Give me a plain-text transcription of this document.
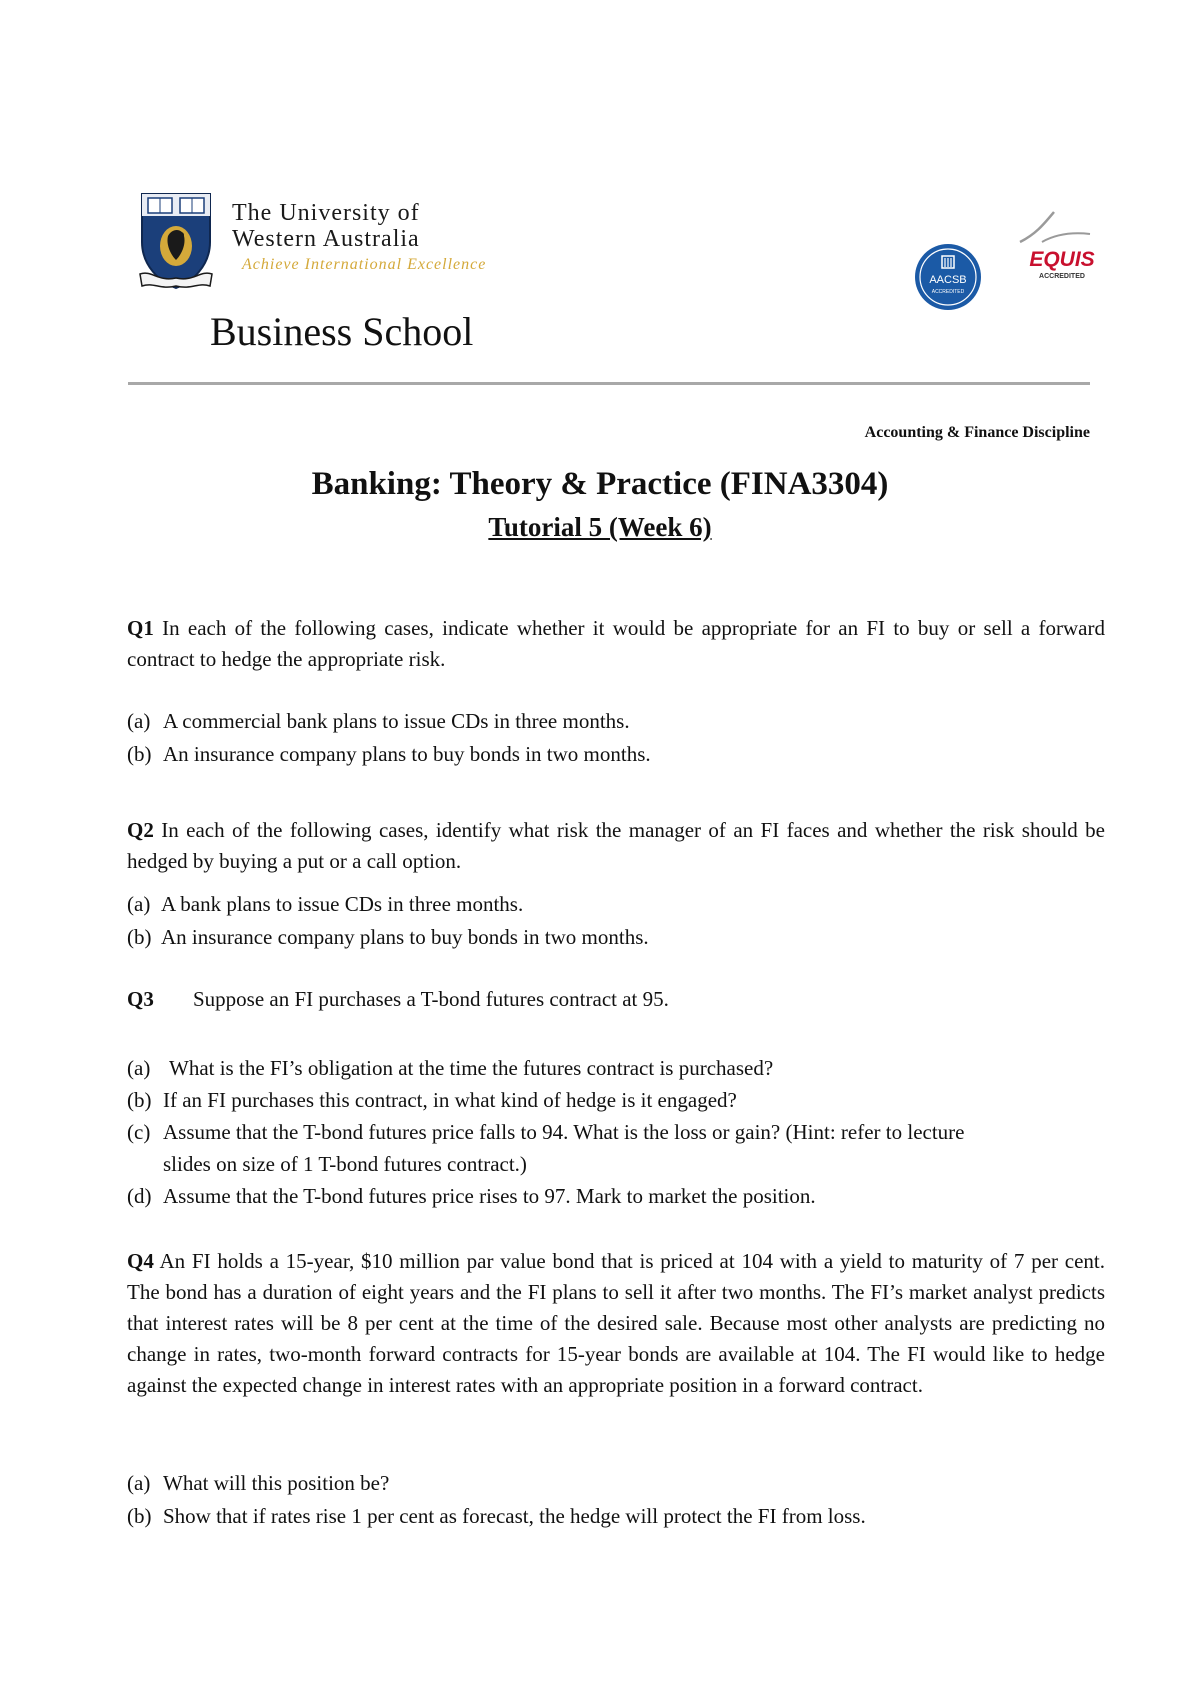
The University of
Western Australia
Achieve International Excellence
AACSB
ACCREDITED
EQUIS
ACCREDITED
Business School
Accounting & Finance Discipline
Banking: Theory & Practice (FINA3304)
Tutorial 5 (Week 6)
Q1 In each of the following cases, indicate whether it would be appropriate for an FI to buy or sell a forward contract to hedge the appropriate risk.
(a) A commercial bank plans to issue CDs in three months.
(b) An insurance company plans to buy bonds in two months.
Q2 In each of the following cases, identify what risk the manager of an FI faces and whether the risk should be hedged by buying a put or a call option.
(a) A bank plans to issue CDs in three months.
(b) An insurance company plans to buy bonds in two months.
Q3 Suppose an FI purchases a T-bond futures contract at 95.
(a) What is the FI’s obligation at the time the futures contract is purchased?
(b) If an FI purchases this contract, in what kind of hedge is it engaged?
(c) Assume that the T-bond futures price falls to 94. What is the loss or gain? (Hint: refer to lecture
slides on size of 1 T-bond futures contract.)
(d) Assume that the T-bond futures price rises to 97. Mark to market the position.
Q4 An FI holds a 15-year, $10 million par value bond that is priced at 104 with a yield to maturity of 7 per cent. The bond has a duration of eight years and the FI plans to sell it after two months. The FI’s market analyst predicts that interest rates will be 8 per cent at the time of the desired sale. Because most other analysts are predicting no change in rates, two-month forward contracts for 15-year bonds are available at 104. The FI would like to hedge against the expected change in interest rates with an appropriate position in a forward contract.
(a) What will this position be?
(b) Show that if rates rise 1 per cent as forecast, the hedge will protect the FI from loss.
